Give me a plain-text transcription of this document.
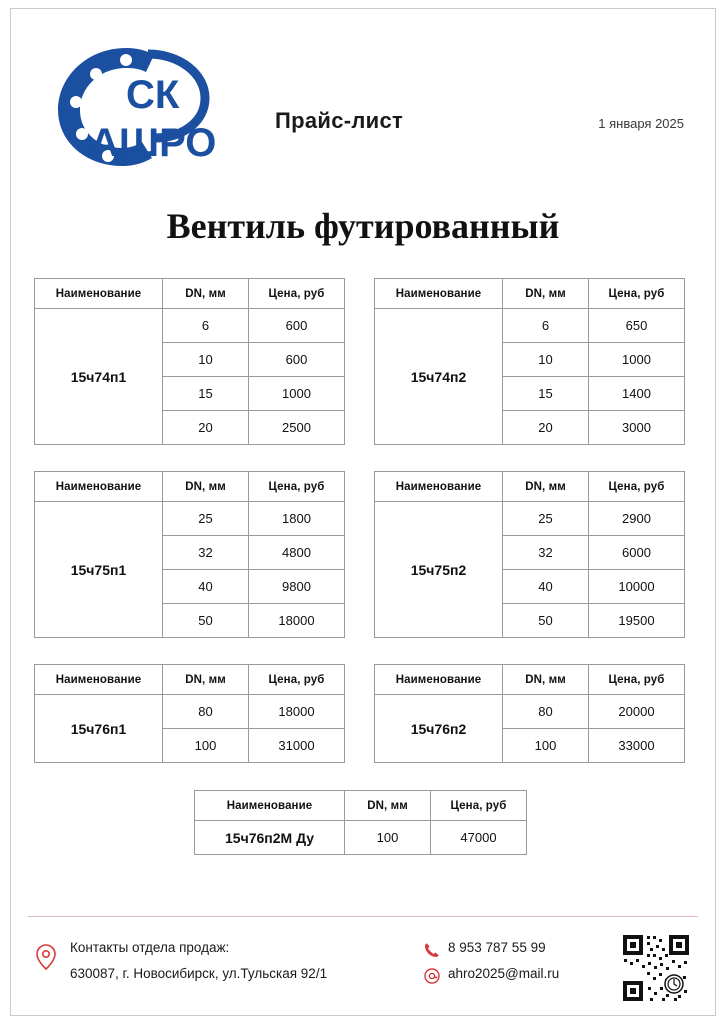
СК
АШРО
Прайс-лист	1 января 2025
Вентиль футированный
Наименование	DN, мм	Цена, руб
15ч74п1	6	600
	10	600
	15	1000
	20	2500
Наименование	DN, мм	Цена, руб
15ч74п2	6	650
	10	1000
	15	1400
	20	3000
Наименование	DN, мм	Цена, руб
15ч75п1	25	1800
	32	4800
	40	9800
	50	18000
Наименование	DN, мм	Цена, руб
15ч75п2	25	2900
	32	6000
	40	10000
	50	19500
Наименование	DN, мм	Цена, руб
15ч76п1	80	18000
	100	31000
Наименование	DN, мм	Цена, руб
15ч76п2	80	20000
	100	33000
Наименование	DN, мм	Цена, руб
15ч76п2М Ду	100	47000
Контакты отдела продаж:
630087, г. Новосибирск, ул.Тульская 92/1
8 953 787 55 99
ahro2025@mail.ru
